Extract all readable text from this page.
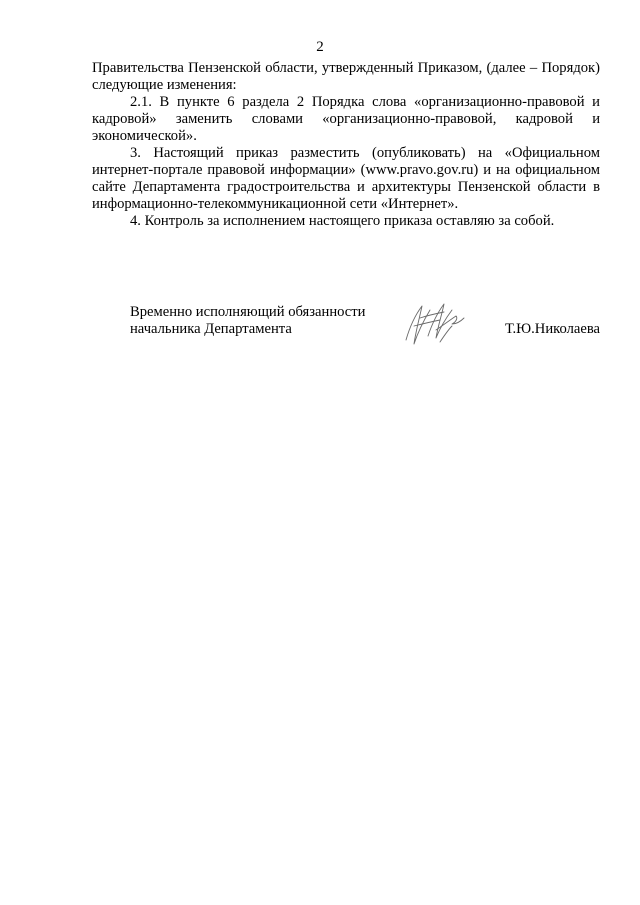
2

Правительства Пензенской области, утвержденный Приказом, (далее – Порядок) следующие изменения:

2.1. В пункте 6 раздела 2 Порядка слова «организационно-правовой и кадровой» заменить словами «организационно-правовой, кадровой и экономической».

3. Настоящий приказ разместить (опубликовать) на «Официальном интернет-портале правовой информации» (www.pravo.gov.ru) и на официальном сайте Департамента градостроительства и архитектуры Пензенской области в информационно-телекоммуникационной сети «Интернет».

4. Контроль за исполнением настоящего приказа оставляю за собой.

Временно исполняющий обязанности
начальника Департамента	Т.Ю.Николаева
